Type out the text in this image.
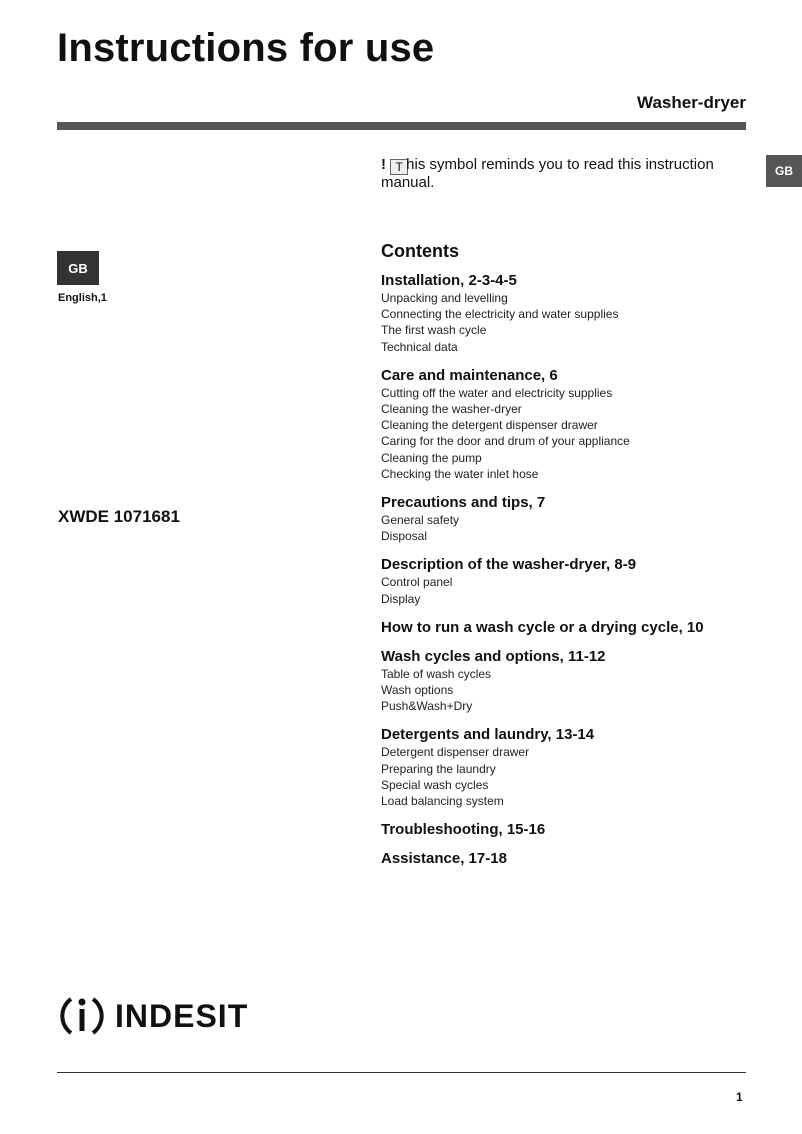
Instructions for use
Washer-dryer
GB
! T his symbol reminds you to read this instruction manual.
GB
English,1
XWDE 1071681
Contents
Installation, 2-3-4-5
Unpacking and levelling
Connecting the electricity and water supplies
The first wash cycle
Technical data
Care and maintenance, 6
Cutting off the water and electricity supplies
Cleaning the washer-dryer
Cleaning the detergent dispenser drawer
Caring for the door and drum of your appliance
Cleaning the pump
Checking the water inlet hose
Precautions and tips, 7
General safety
Disposal
Description of the washer-dryer, 8-9
Control panel
Display
How to run a wash cycle or a drying cycle, 10
Wash cycles and options, 11-12
Table of wash cycles
Wash options
Push&Wash+Dry
Detergents and laundry, 13-14
Detergent dispenser drawer
Preparing the laundry
Special wash cycles
Load balancing system
Troubleshooting, 15-16
Assistance, 17-18
INDESIT
1
